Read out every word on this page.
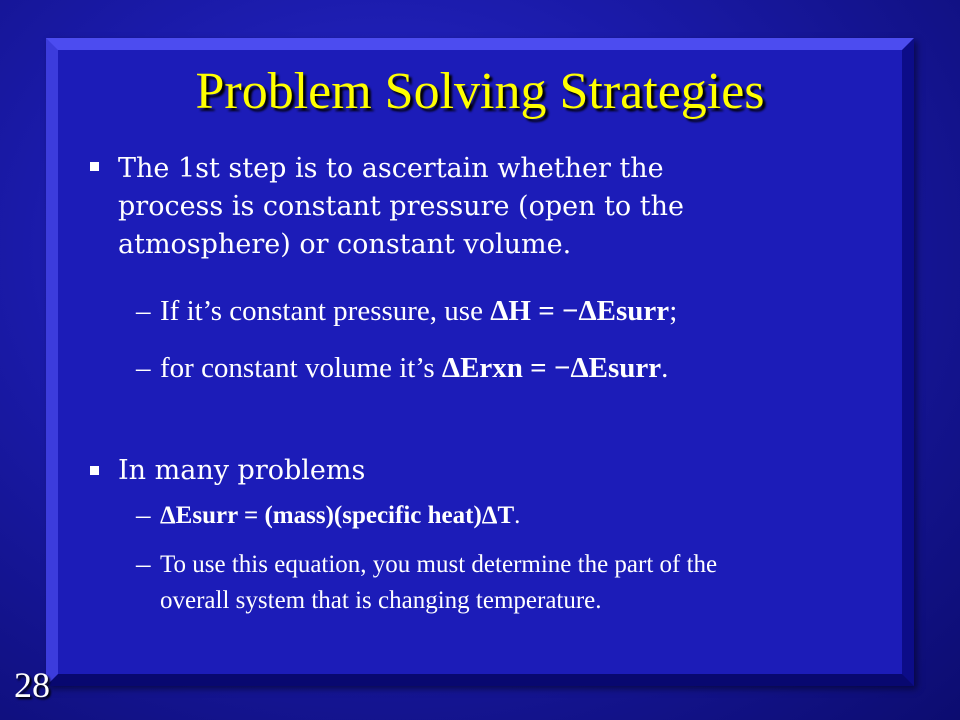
Problem Solving Strategies
The 1st step is to ascertain whether the
process is constant pressure (open to the
atmosphere) or constant volume.
– If it’s constant pressure, use ΔH = −ΔEsurr;
– for constant volume it’s ΔErxn = −ΔEsurr.
In many problems
– ΔEsurr = (mass)(specific heat)ΔT.
– To use this equation, you must determine the part of the
overall system that is changing temperature.
28
